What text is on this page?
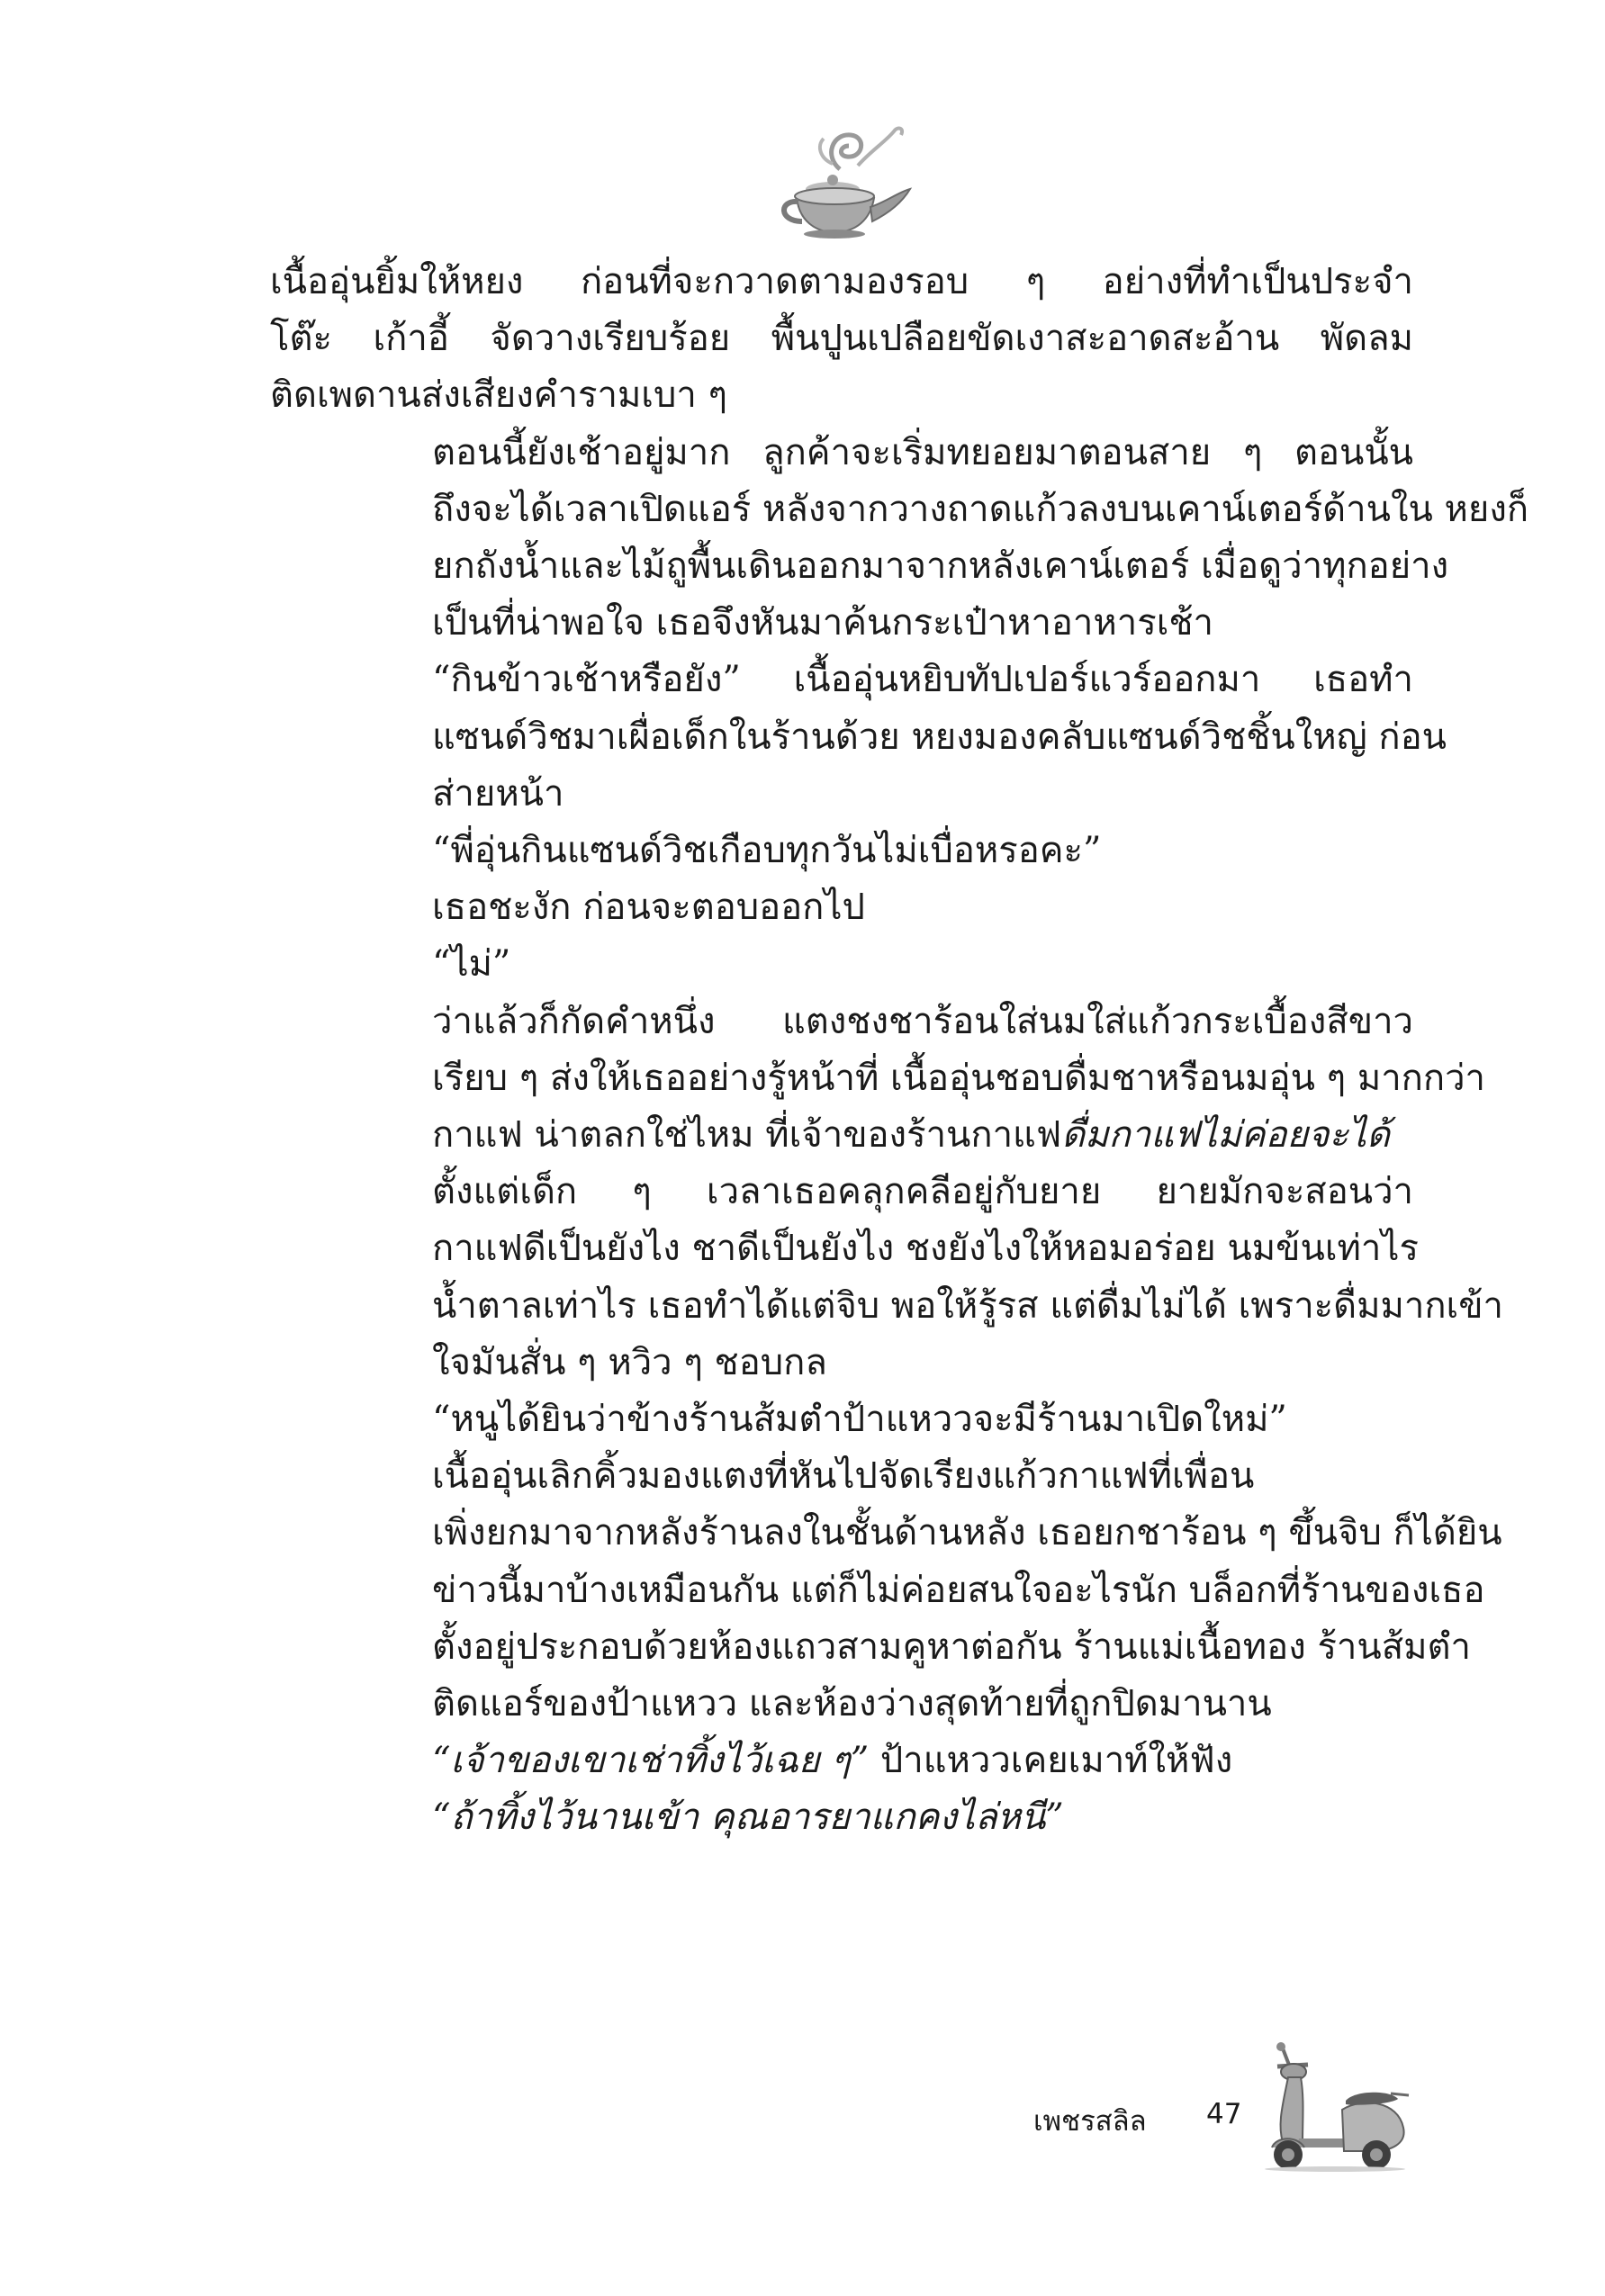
เนื้ออุ่นยิ้มให้หยง ก่อนที่จะกวาดตามองรอบ ๆ อย่างที่ทำเป็นประจำ
โต๊ะ เก้าอี้ จัดวางเรียบร้อย พื้นปูนเปลือยขัดเงาสะอาดสะอ้าน พัดลม
ติดเพดานส่งเสียงคำรามเบา ๆ

ตอนนี้ยังเช้าอยู่มาก ลูกค้าจะเริ่มทยอยมาตอนสาย ๆ ตอนนั้น
ถึงจะได้เวลาเปิดแอร์ หลังจากวางถาดแก้วลงบนเคาน์เตอร์ด้านใน หยงก็
ยกถังน้ำและไม้ถูพื้นเดินออกมาจากหลังเคาน์เตอร์ เมื่อดูว่าทุกอย่าง
เป็นที่น่าพอใจ เธอจึงหันมาค้นกระเป๋าหาอาหารเช้า

“กินข้าวเช้าหรือยัง” เนื้ออุ่นหยิบทัปเปอร์แวร์ออกมา เธอทำ
แซนด์วิชมาเผื่อเด็กในร้านด้วย หยงมองคลับแซนด์วิชชิ้นใหญ่ ก่อน
ส่ายหน้า

“พี่อุ่นกินแซนด์วิชเกือบทุกวันไม่เบื่อหรอคะ”

เธอชะงัก ก่อนจะตอบออกไป

“ไม่”

ว่าแล้วก็กัดคำหนึ่ง แตงชงชาร้อนใส่นมใส่แก้วกระเบื้องสีขาว
เรียบ ๆ ส่งให้เธออย่างรู้หน้าที่ เนื้ออุ่นชอบดื่มชาหรือนมอุ่น ๆ มากกว่า
กาแฟ น่าตลกใช่ไหม ที่เจ้าของร้านกาแฟดื่มกาแฟไม่ค่อยจะได้

ตั้งแต่เด็ก ๆ เวลาเธอคลุกคลีอยู่กับยาย ยายมักจะสอนว่า
กาแฟดีเป็นยังไง ชาดีเป็นยังไง ชงยังไงให้หอมอร่อย นมข้นเท่าไร
น้ำตาลเท่าไร เธอทำได้แต่จิบ พอให้รู้รส แต่ดื่มไม่ได้ เพราะดื่มมากเข้า
ใจมันสั่น ๆ หวิว ๆ ชอบกล

“หนูได้ยินว่าข้างร้านส้มตำป้าแหววจะมีร้านมาเปิดใหม่”

เนื้ออุ่นเลิกคิ้วมองแตงที่หันไปจัดเรียงแก้วกาแฟที่เพื่อน
เพิ่งยกมาจากหลังร้านลงในชั้นด้านหลัง เธอยกชาร้อน ๆ ขึ้นจิบ ก็ได้ยิน
ข่าวนี้มาบ้างเหมือนกัน แต่ก็ไม่ค่อยสนใจอะไรนัก บล็อกที่ร้านของเธอ
ตั้งอยู่ประกอบด้วยห้องแถวสามคูหาต่อกัน ร้านแม่เนื้อทอง ร้านส้มตำ
ติดแอร์ของป้าแหวว และห้องว่างสุดท้ายที่ถูกปิดมานาน

“เจ้าของเขาเช่าทิ้งไว้เฉย ๆ” ป้าแหววเคยเมาท์ให้ฟัง

“ถ้าทิ้งไว้นานเข้า คุณอารยาแกคงไล่หนี”

เพชรสลิล 47
